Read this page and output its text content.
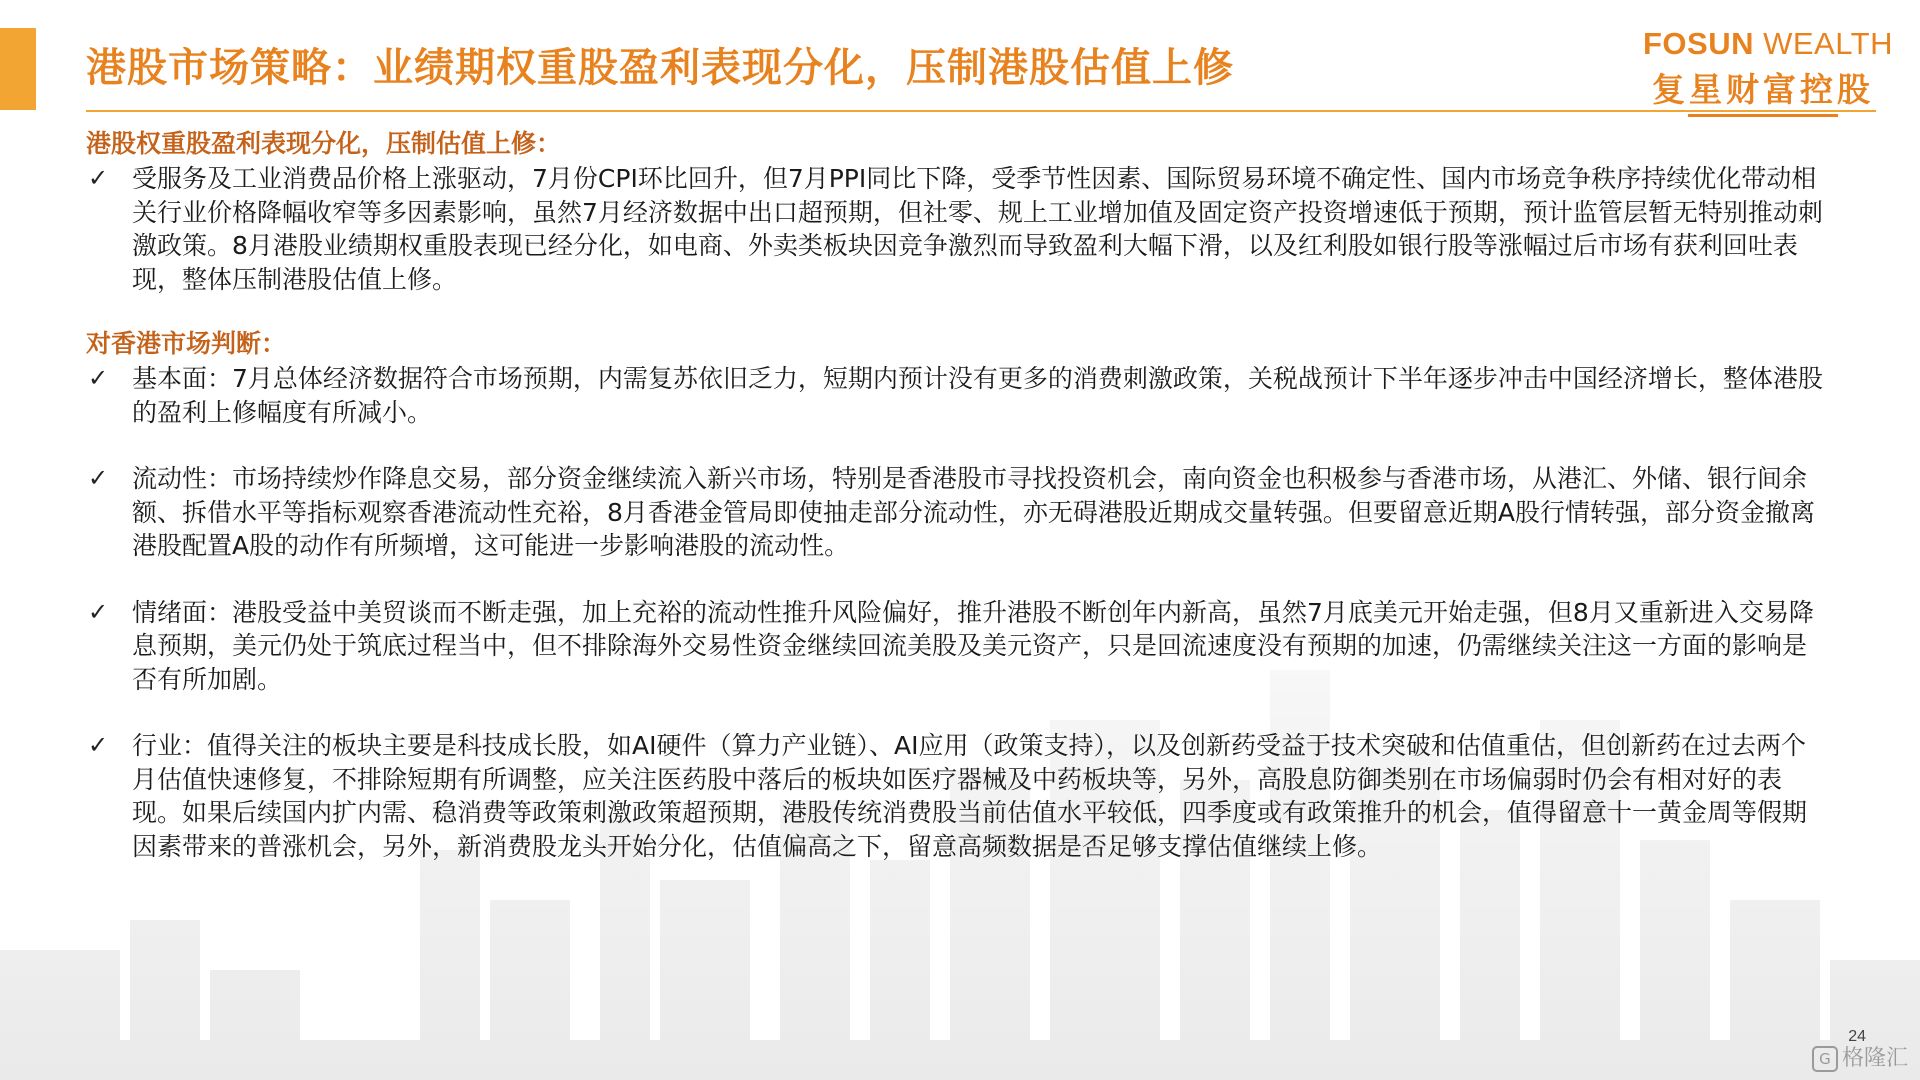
港股市场策略：业绩期权重股盈利表现分化，压制港股估值上修
FOSUN WEALTH
复星财富控股
港股权重股盈利表现分化，压制估值上修：
✓ 受服务及工业消费品价格上涨驱动，7月份CPI环比回升，但7月PPI同比下降，受季节性因素、国际贸易环境不确定性、国内市场竞争秩序持续优化带动相关行业价格降幅收窄等多因素影响，虽然7月经济数据中出口超预期，但社零、规上工业增加值及固定资产投资增速低于预期，预计监管层暂无特别推动刺激政策。8月港股业绩期权重股表现已经分化，如电商、外卖类板块因竞争激烈而导致盈利大幅下滑，以及红利股如银行股等涨幅过后市场有获利回吐表现，整体压制港股估值上修。
对香港市场判断：
✓ 基本面：7月总体经济数据符合市场预期，内需复苏依旧乏力，短期内预计没有更多的消费刺激政策，关税战预计下半年逐步冲击中国经济增长，整体港股的盈利上修幅度有所减小。
✓ 流动性：市场持续炒作降息交易，部分资金继续流入新兴市场，特别是香港股市寻找投资机会，南向资金也积极参与香港市场，从港汇、外储、银行间余额、拆借水平等指标观察香港流动性充裕，8月香港金管局即使抽走部分流动性，亦无碍港股近期成交量转强。但要留意近期A股行情转强，部分资金撤离港股配置A股的动作有所频增，这可能进一步影响港股的流动性。
✓ 情绪面：港股受益中美贸谈而不断走强，加上充裕的流动性推升风险偏好，推升港股不断创年内新高，虽然7月底美元开始走强，但8月又重新进入交易降息预期，美元仍处于筑底过程当中，但不排除海外交易性资金继续回流美股及美元资产，只是回流速度没有预期的加速，仍需继续关注这一方面的影响是否有所加剧。
✓ 行业：值得关注的板块主要是科技成长股，如AI硬件（算力产业链）、AI应用（政策支持），以及创新药受益于技术突破和估值重估，但创新药在过去两个月估值快速修复，不排除短期有所调整，应关注医药股中落后的板块如医疗器械及中药板块等，另外，高股息防御类别在市场偏弱时仍会有相对好的表现。如果后续国内扩内需、稳消费等政策刺激政策超预期，港股传统消费股当前估值水平较低，四季度或有政策推升的机会，值得留意十一黄金周等假期因素带来的普涨机会，另外，新消费股龙头开始分化，估值偏高之下，留意高频数据是否足够支撑估值继续上修。
24
G 格隆汇
